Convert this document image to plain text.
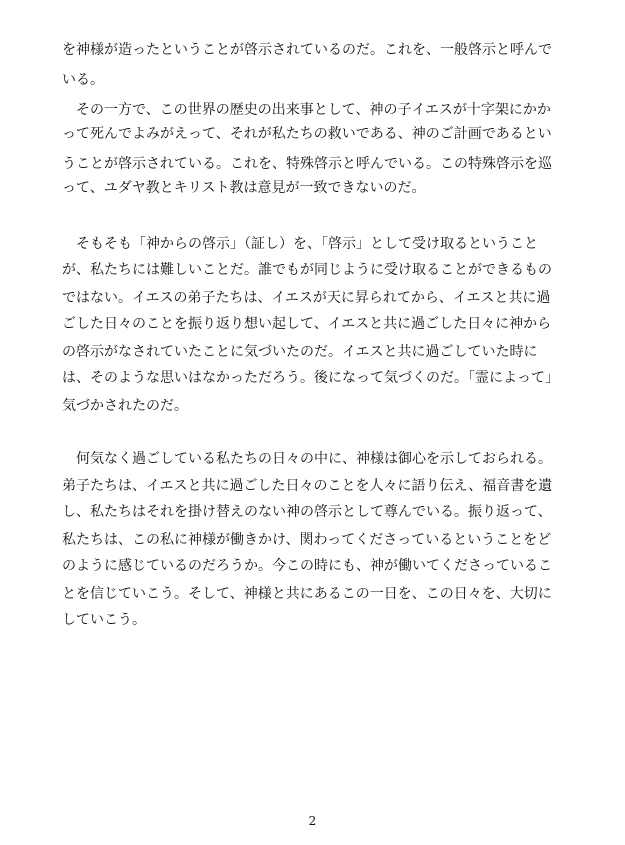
を神様が造ったということが啓示されているのだ。これを、一般啓示と呼んで
いる。
　その一方で、この世界の歴史の出来事として、神の子イエスが十字架にかか
って死んでよみがえって、それが私たちの救いである、神のご計画であるとい
うことが啓示されている。これを、特殊啓示と呼んでいる。この特殊啓示を巡
って、ユダヤ教とキリスト教は意見が一致できないのだ。
　そもそも「神からの啓示」（証し）を、「啓示」として受け取るということ
が、私たちには難しいことだ。誰でもが同じように受け取ることができるもの
ではない。イエスの弟子たちは、イエスが天に昇られてから、イエスと共に過
ごした日々のことを振り返り想い起して、イエスと共に過ごした日々に神から
の啓示がなされていたことに気づいたのだ。イエスと共に過ごしていた時に
は、そのような思いはなかっただろう。後になって気づくのだ。「霊によって」
気づかされたのだ。
　何気なく過ごしている私たちの日々の中に、神様は御心を示しておられる。
弟子たちは、イエスと共に過ごした日々のことを人々に語り伝え、福音書を遺
し、私たちはそれを掛け替えのない神の啓示として尊んでいる。振り返って、
私たちは、この私に神様が働きかけ、関わってくださっているということをど
のように感じているのだろうか。今この時にも、神が働いてくださっているこ
とを信じていこう。そして、神様と共にあるこの一日を、この日々を、大切に
していこう。
2
